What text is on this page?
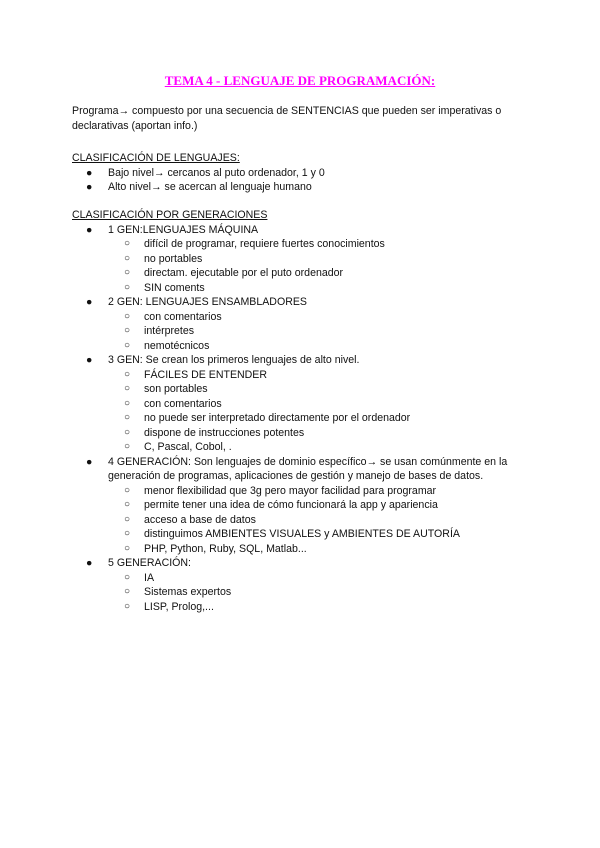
TEMA 4 - LENGUAJE DE PROGRAMACIÓN:

Programa→ compuesto por una secuencia de SENTENCIAS que pueden ser imperativas o declarativas (aportan info.)

CLASIFICACIÓN DE LENGUAJES:

● Bajo nivel→ cercanos al puto ordenador, 1 y 0
● Alto nivel→ se acercan al lenguaje humano

CLASIFICACIÓN POR GENERACIONES

● 1 GEN:LENGUAJES MÁQUINA
○ difícil de programar, requiere fuertes conocimientos
○ no portables
○ directam. ejecutable por el puto ordenador
○ SIN coments
● 2 GEN: LENGUAJES ENSAMBLADORES
○ con comentarios
○ intérpretes
○ nemotécnicos
● 3 GEN: Se crean los primeros lenguajes de alto nivel.
○ FÁCILES DE ENTENDER
○ son portables
○ con comentarios
○ no puede ser interpretado directamente por el ordenador
○ dispone de instrucciones potentes
○ C, Pascal, Cobol, .
● 4 GENERACIÓN: Son lenguajes de dominio específico→ se usan comúnmente en la generación de programas, aplicaciones de gestión y manejo de bases de datos.
○ menor flexibilidad que 3g pero mayor facilidad para programar
○ permite tener una idea de cómo funcionará la app y apariencia
○ acceso a base de datos
○ distinguimos AMBIENTES VISUALES y AMBIENTES DE AUTORÍA
○ PHP, Python, Ruby, SQL, Matlab...
● 5 GENERACIÓN:
○ IA
○ Sistemas expertos
○ LISP, Prolog,...
